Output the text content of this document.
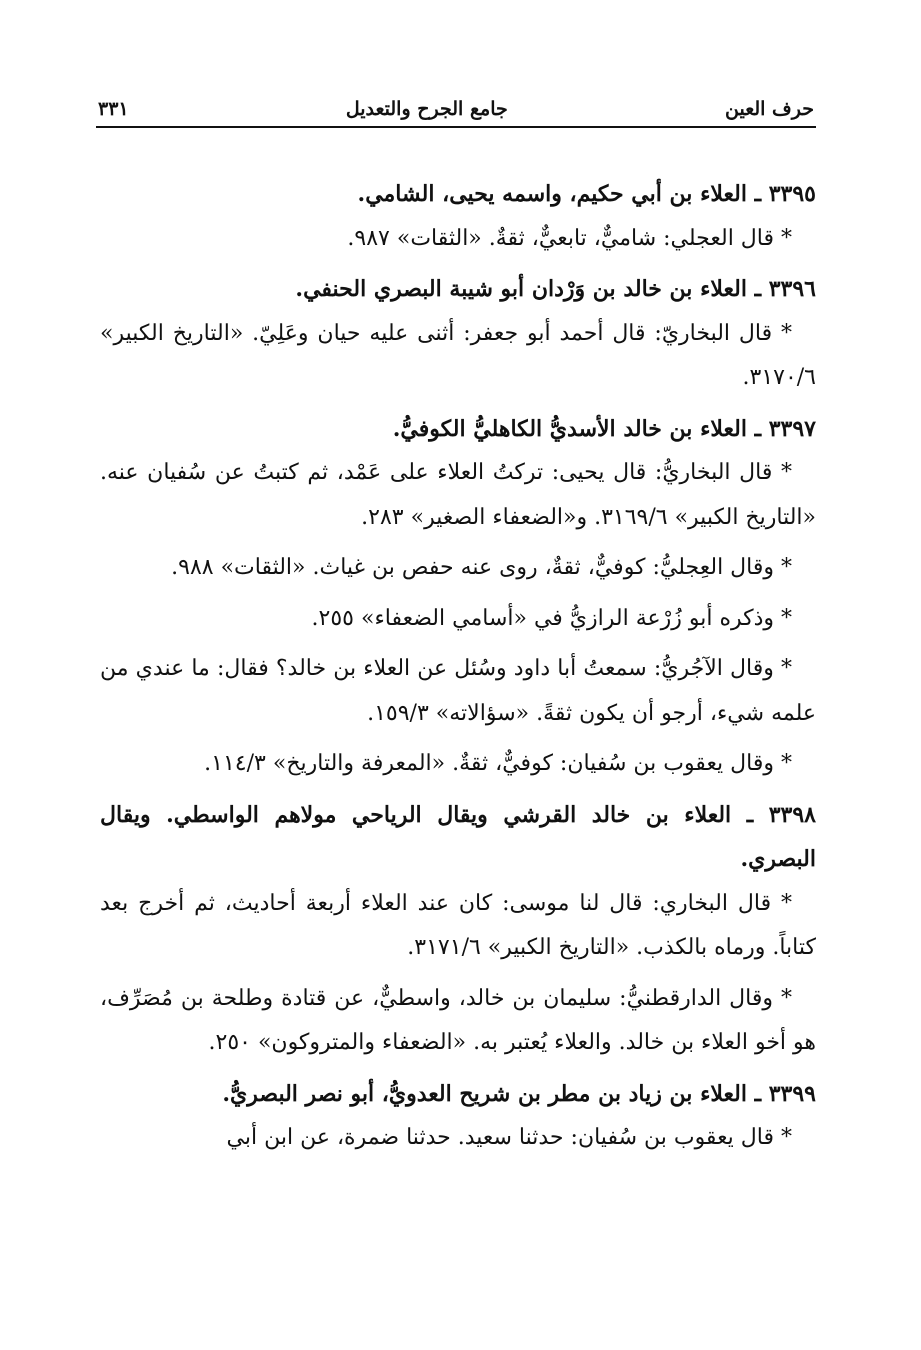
٣٣١	جامع الجرح والتعديل	حرف العين

٣٣٩٥ ـ العلاء بن أبي حكيم، واسمه يحيى، الشامي.

* قال العجلي: شاميٌّ، تابعيٌّ، ثقةٌ. «الثقات» ٩٨٧.

٣٣٩٦ ـ العلاء بن خالد بن وَرْدان أبو شيبة البصري الحنفي.

* قال البخاريّ: قال أحمد أبو جعفر: أثنى عليه حيان وعَلِيّ. «التاريخ الكبير» ٣١٧٠/٦.

٣٣٩٧ ـ العلاء بن خالد الأسديُّ الكاهليُّ الكوفيُّ.

* قال البخاريُّ: قال يحيى: تركتُ العلاء على عَمْد، ثم كتبتُ عن سُفيان عنه. «التاريخ الكبير» ٣١٦٩/٦. و«الضعفاء الصغير» ٢٨٣.

* وقال العِجليُّ: كوفيٌّ، ثقةٌ، روى عنه حفص بن غياث. «الثقات» ٩٨٨.

* وذكره أبو زُرْعة الرازيُّ في «أسامي الضعفاء» ٢٥٥.

* وقال الآجُريُّ: سمعتُ أبا داود وسُئل عن العلاء بن خالد؟ فقال: ما عندي من علمه شيء، أرجو أن يكون ثقةً. «سؤالاته» ١٥٩/٣.

* وقال يعقوب بن سُفيان: كوفيٌّ، ثقةٌ. «المعرفة والتاريخ» ١١٤/٣.

٣٣٩٨ ـ العلاء بن خالد القرشي ويقال الرياحي مولاهم الواسطي. ويقال البصري.

* قال البخاري: قال لنا موسى: كان عند العلاء أربعة أحاديث، ثم أخرج بعد كتاباً. ورماه بالكذب. «التاريخ الكبير» ٣١٧١/٦.

* وقال الدارقطنيُّ: سليمان بن خالد، واسطيٌّ، عن قتادة وطلحة بن مُصَرِّف، هو أخو العلاء بن خالد. والعلاء يُعتبر به. «الضعفاء والمتروكون» ٢٥٠.

٣٣٩٩ ـ العلاء بن زياد بن مطر بن شريح العدويُّ، أبو نصر البصريُّ.

* قال يعقوب بن سُفيان: حدثنا سعيد. حدثنا ضمرة، عن ابن أبي
